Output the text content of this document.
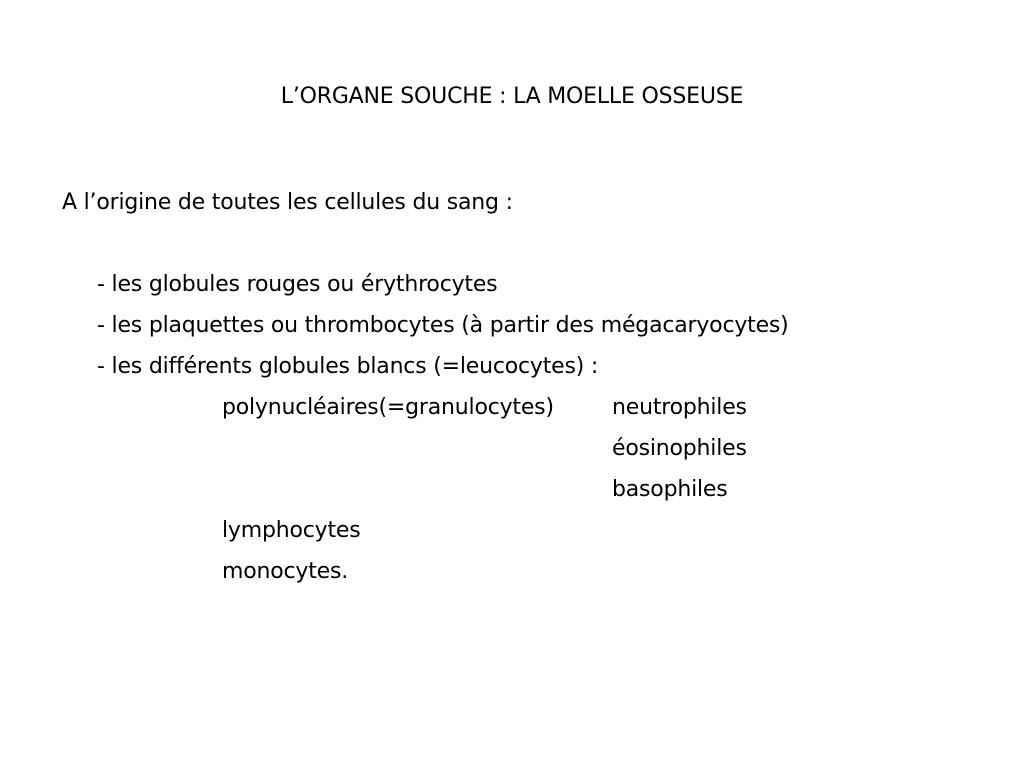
L’ORGANE SOUCHE : LA MOELLE OSSEUSE
A l’origine de toutes les cellules du sang :
- les globules rouges ou érythrocytes
- les plaquettes ou thrombocytes (à partir des mégacaryocytes)
- les différents globules blancs (=leucocytes) :
polynucléaires(=granulocytes)	neutrophiles
éosinophiles
basophiles
lymphocytes
monocytes.
